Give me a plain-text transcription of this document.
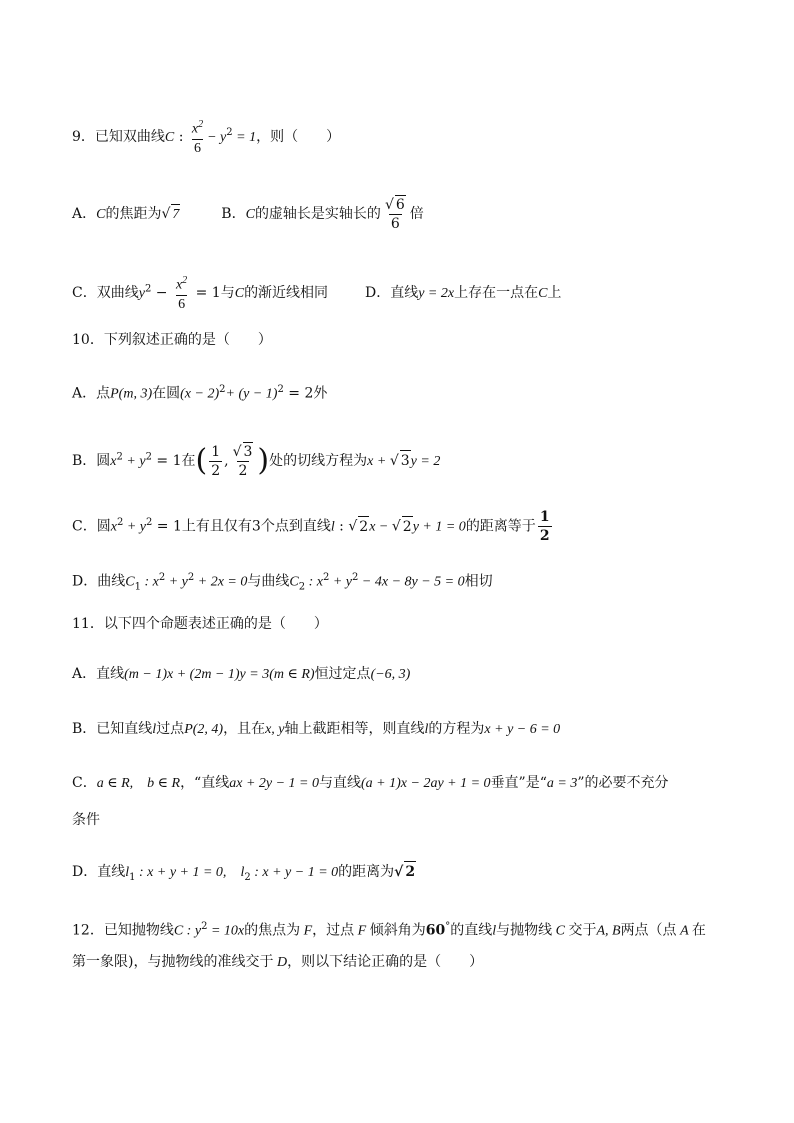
9．已知双曲线C : $\frac{x^2}{6} - y^2 = 1$，则（　　）
A．C的焦距为√ 7	B．C的虚轴长是实轴长的 $\frac{√ 6}{6}$ 倍
C．双曲线$y^2 - \frac{x^2}{6} = 1$与C的渐近线相同	D．直线y = 2x上存在一点在C上
10．下列叙述正确的是（　　）
A．点P(m, 3)在圆$(x - 2)^2+ (y - 1)^2 = 2$外
B．圆$x^2 + y^2 = 1$在( $\frac{1}{2}$ , $\frac{√ 3}{2}$ )处的切线方程为x + √ 3y = 2
C．圆$x^2 + y^2 = 1$上有且仅有3个点到直线l : √ 2x − √ 2y + 1 = 0的距离等于 $\frac{1}{2}$
D．曲线$C_1$ : $x^2 + y^2 + 2x = 0$与曲线$C_2$ : $x^2 + y^2 - 4x - 8y - 5 = 0$相切
11．以下四个命题表述正确的是（　　）
A．直线(m − 1)x + (2m − 1)y = 3(m ∈ R)恒过定点(−6, 3)
B．已知直线l过点P(2, 4)，且在x, y轴上截距相等，则直线l的方程为x + y − 6 = 0
C．a ∈ R,　b ∈ R，“直线ax + 2y − 1 = 0与直线(a + 1)x − 2ay + 1 = 0垂直”是“a = 3”的必要不充分
条件
D．直线$l_1$ : x + y + 1 = 0,　$l_2$ : x + y − 1 = 0的距离为√ 2
12．已知抛物线C : $y^2 = 10x$的焦点为 F，过点 F 倾斜角为60°的直线l与抛物线 C 交于A, B两点（点 A 在
第一象限)，与抛物线的准线交于 D，则以下结论正确的是（　　）
